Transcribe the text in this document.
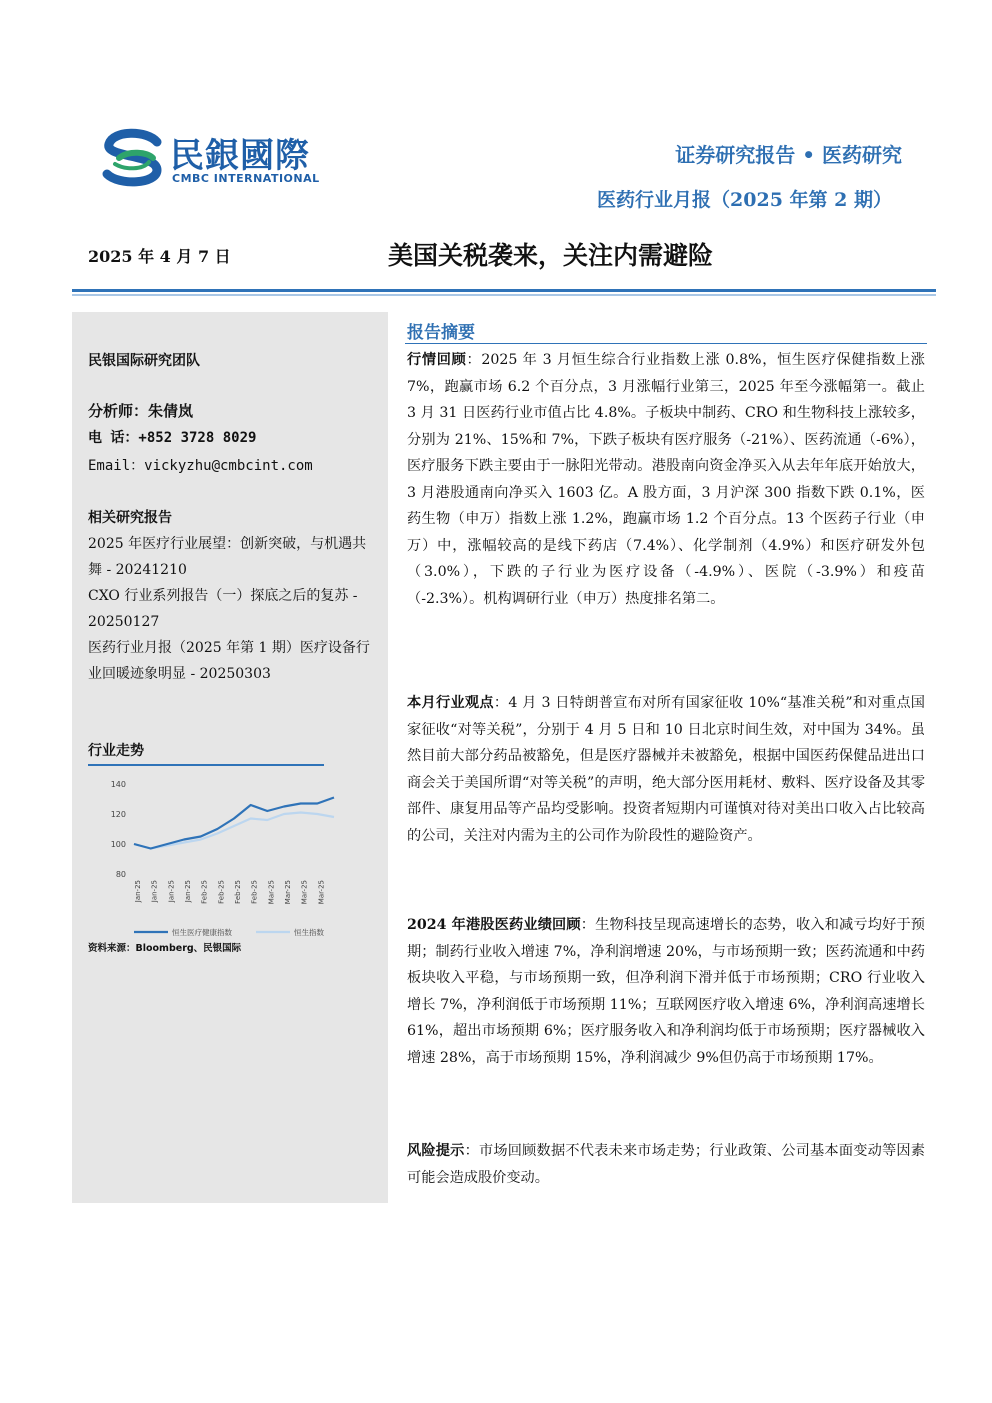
民銀國際
CMBC INTERNATIONAL
证券研究报告 • 医药研究
医药行业月报（2025 年第 2 期）
2025 年 4 月 7 日	美国关税袭来，关注内需避险
民银国际研究团队
分析师：朱倩岚
电 话：+852 3728 8029
Email：vickyzhu@cmbcint.com
相关研究报告
2025 年医疗行业展望：创新突破，与机遇共舞 - 20241210
CXO 行业系列报告（一）探底之后的复苏 - 20250127
医药行业月报（2025 年第 1 期）医疗设备行业回暖迹象明显 - 20250303
行业走势
80
100
120
140
Jan-25 Jan-25 Jan-25 Jan-25 Feb-25 Feb-25 Feb-25 Feb-25 Mar-25 Mar-25 Mar-25 Mar-25
恒生医疗健康指数	恒生指数
资料来源：Bloomberg、民银国际
报告摘要
行情回顾：2025 年 3 月恒生综合行业指数上涨 0.8%，恒生医疗保健指数上涨 7%，跑赢市场 6.2 个百分点，3 月涨幅行业第三，2025 年至今涨幅第一。截止 3 月 31 日医药行业市值占比 4.8%。子板块中制药、CRO 和生物科技上涨较多，分别为 21%、15%和 7%，下跌子板块有医疗服务（-21%）、医药流通（-6%），医疗服务下跌主要由于一脉阳光带动。港股南向资金净买入从去年年底开始放大，3 月港股通南向净买入 1603 亿。A 股方面，3 月沪深 300 指数下跌 0.1%，医药生物（申万）指数上涨 1.2%，跑赢市场 1.2 个百分点。13 个医药子行业（申万）中，涨幅较高的是线下药店（7.4%）、化学制剂（4.9%）和医疗研发外包（3.0%），下跌的子行业为医疗设备（-4.9%）、医院（-3.9%）和疫苗（-2.3%）。机构调研行业（申万）热度排名第二。
本月行业观点：4 月 3 日特朗普宣布对所有国家征收 10%“基准关税”和对重点国家征收“对等关税”，分别于 4 月 5 日和 10 日北京时间生效，对中国为 34%。虽然目前大部分药品被豁免，但是医疗器械并未被豁免，根据中国医药保健品进出口商会关于美国所谓“对等关税”的声明，绝大部分医用耗材、敷料、医疗设备及其零部件、康复用品等产品均受影响。投资者短期内可谨慎对待对美出口收入占比较高的公司，关注对内需为主的公司作为阶段性的避险资产。
2024 年港股医药业绩回顾：生物科技呈现高速增长的态势，收入和减亏均好于预期；制药行业收入增速 7%，净利润增速 20%，与市场预期一致；医药流通和中药板块收入平稳，与市场预期一致，但净利润下滑并低于市场预期；CRO 行业收入增长 7%，净利润低于市场预期 11%；互联网医疗收入增速 6%，净利润高速增长 61%，超出市场预期 6%；医疗服务收入和净利润均低于市场预期；医疗器械收入增速 28%，高于市场预期 15%，净利润减少 9%但仍高于市场预期 17%。
风险提示：市场回顾数据不代表未来市场走势；行业政策、公司基本面变动等因素可能会造成股价变动。
